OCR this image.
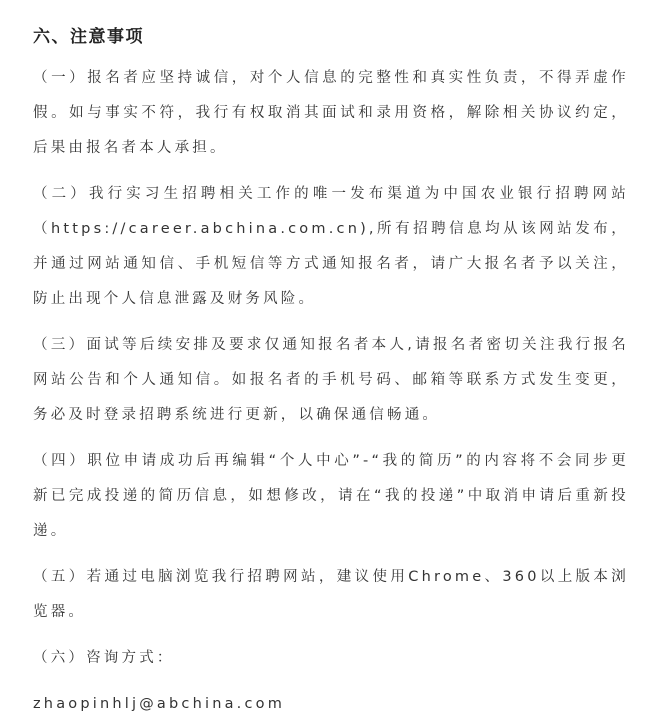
六、注意事项

（一）报名者应坚持诚信，对个人信息的完整性和真实性负责，不得弄虚作假。如与事实不符，我行有权取消其面试和录用资格，解除相关协议约定，后果由报名者本人承担。

（二）我行实习生招聘相关工作的唯一发布渠道为中国农业银行招聘网站（https://career.abchina.com.cn),所有招聘信息均从该网站发布，并通过网站通知信、手机短信等方式通知报名者，请广大报名者予以关注，防止出现个人信息泄露及财务风险。

（三）面试等后续安排及要求仅通知报名者本人,请报名者密切关注我行报名网站公告和个人通知信。如报名者的手机号码、邮箱等联系方式发生变更，务必及时登录招聘系统进行更新，以确保通信畅通。

（四）职位申请成功后再编辑“个人中心”-“我的简历”的内容将不会同步更新已完成投递的简历信息，如想修改，请在“我的投递”中取消申请后重新投递。

（五）若通过电脑浏览我行招聘网站，建议使用Chrome、360以上版本浏览器。

（六）咨询方式：

zhaopinhlj@abchina.com
